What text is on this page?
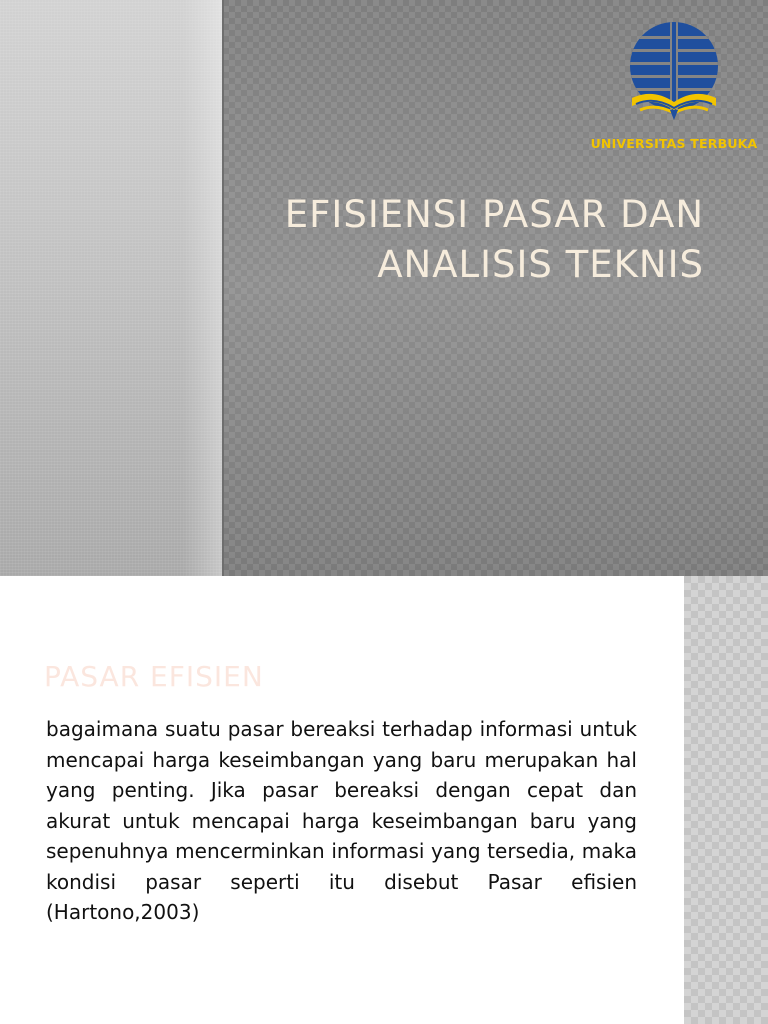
UNIVERSITAS TERBUKA
EFISIENSI PASAR DAN
ANALISIS TEKNIS
PASAR EFISIEN
bagaimana suatu pasar bereaksi terhadap informasi untuk mencapai harga keseimbangan yang baru merupakan hal yang penting. Jika pasar bereaksi dengan cepat dan akurat untuk mencapai harga keseimbangan baru yang sepenuhnya mencerminkan informasi yang tersedia, maka kondisi pasar seperti itu disebut Pasar efisien (Hartono,2003)
